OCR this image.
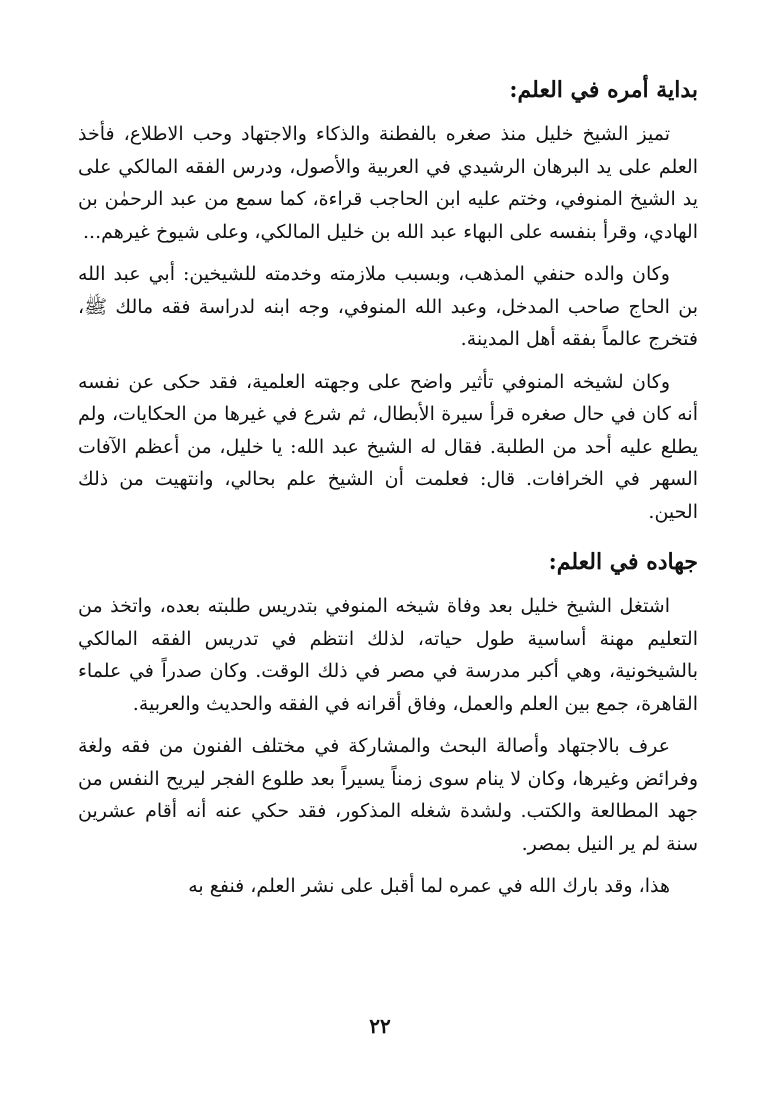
بداية أمره في العلم:

تميز الشيخ خليل منذ صغره بالفطنة والذكاء والاجتهاد وحب الاطلاع، فأخذ العلم على يد البرهان الرشيدي في العربية والأصول، ودرس الفقه المالكي على يد الشيخ المنوفي، وختم عليه ابن الحاجب قراءة، كما سمع من عبد الرحمٰن بن الهادي، وقرأ بنفسه على البهاء عبد الله بن خليل المالكي، وعلى شيوخ غيرهم...

وكان والده حنفي المذهب، وبسبب ملازمته وخدمته للشيخين: أبي عبد الله بن الحاج صاحب المدخل، وعبد الله المنوفي، وجه ابنه لدراسة فقه مالك ﷺ، فتخرج عالماً بفقه أهل المدينة.

وكان لشيخه المنوفي تأثير واضح على وجهته العلمية، فقد حكى عن نفسه أنه كان في حال صغره قرأ سيرة الأبطال، ثم شرع في غيرها من الحكايات، ولم يطلع عليه أحد من الطلبة. فقال له الشيخ عبد الله: يا خليل، من أعظم الآفات السهر في الخرافات. قال: فعلمت أن الشيخ علم بحالي، وانتهيت من ذلك الحين.

جهاده في العلم:

اشتغل الشيخ خليل بعد وفاة شيخه المنوفي بتدريس طلبته بعده، واتخذ من التعليم مهنة أساسية طول حياته، لذلك انتظم في تدريس الفقه المالكي بالشيخونية، وهي أكبر مدرسة في مصر في ذلك الوقت. وكان صدراً في علماء القاهرة، جمع بين العلم والعمل، وفاق أقرانه في الفقه والحديث والعربية.

عرف بالاجتهاد وأصالة البحث والمشاركة في مختلف الفنون من فقه ولغة وفرائض وغيرها، وكان لا ينام سوى زمناً يسيراً بعد طلوع الفجر ليريح النفس من جهد المطالعة والكتب. ولشدة شغله المذكور، فقد حكي عنه أنه أقام عشرين سنة لم ير النيل بمصر.

هذا، وقد بارك الله في عمره لما أقبل على نشر العلم، فنفع به

٢٢
